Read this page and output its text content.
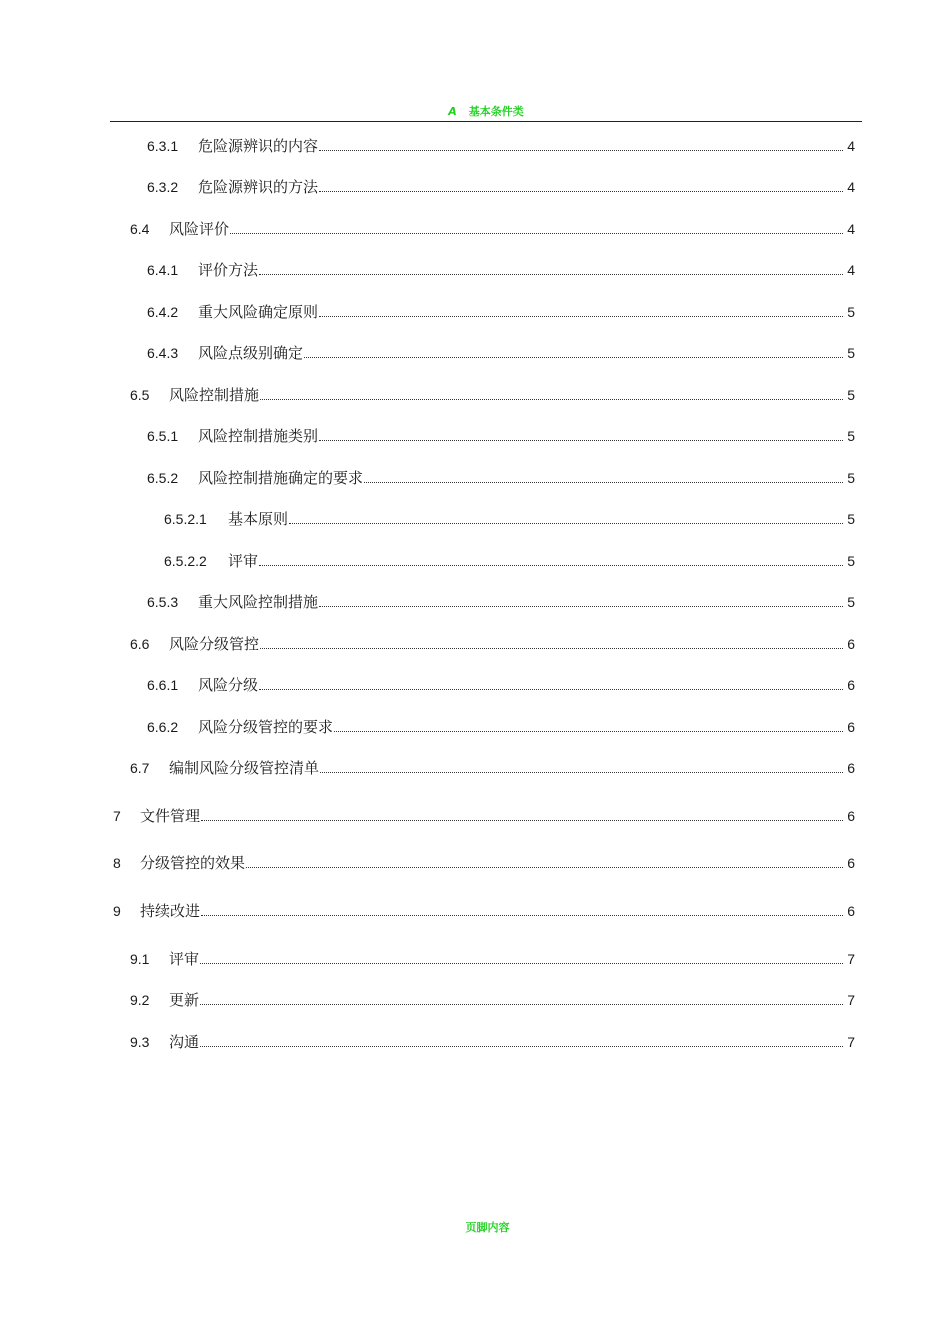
A 基本条件类
6.3.1	危险源辨识的内容	4
6.3.2	危险源辨识的方法	4
6.4	风险评价	4
6.4.1	评价方法	4
6.4.2	重大风险确定原则	5
6.4.3	风险点级别确定	5
6.5	风险控制措施	5
6.5.1	风险控制措施类别	5
6.5.2	风险控制措施确定的要求	5
6.5.2.1	基本原则	5
6.5.2.2	评审	5
6.5.3	重大风险控制措施	5
6.6	风险分级管控	6
6.6.1	风险分级	6
6.6.2	风险分级管控的要求	6
6.7	编制风险分级管控清单	6
7	文件管理	6
8	分级管控的效果	6
9	持续改进	6
9.1	评审	7
9.2	更新	7
9.3	沟通	7
页脚内容
